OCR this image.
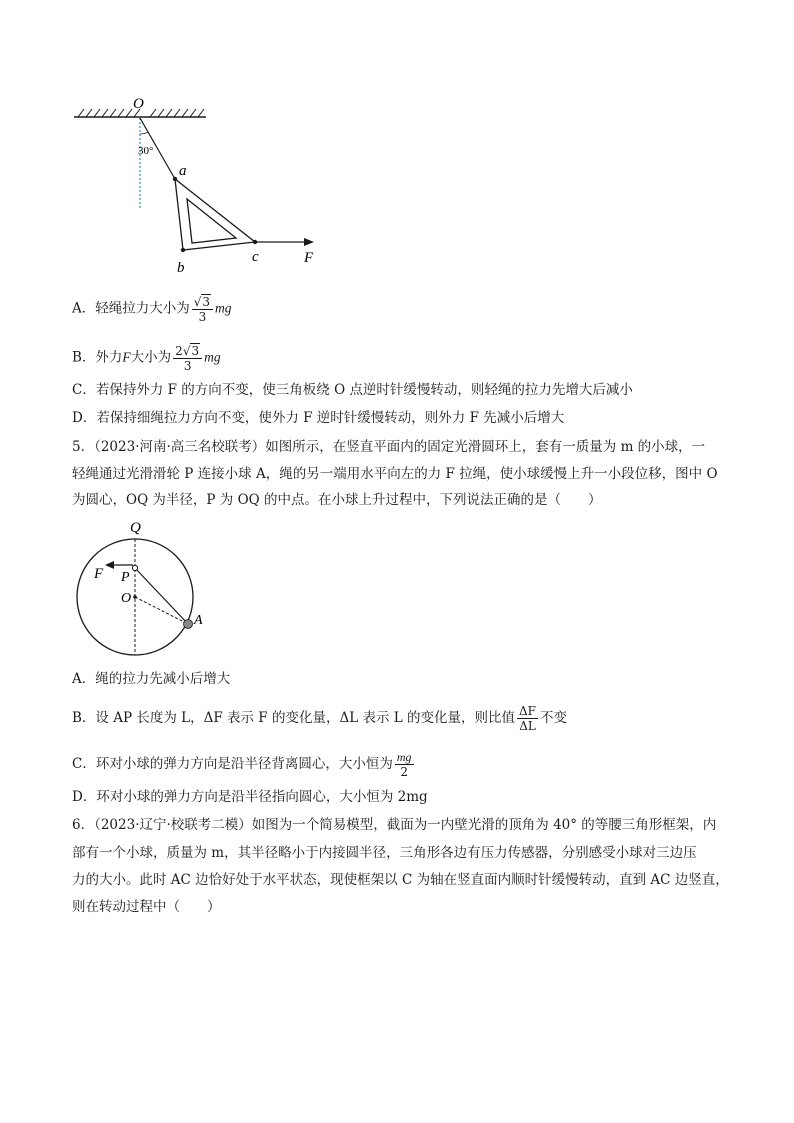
O
30°
a
b
c	F
A．轻绳拉力大小为 $\frac{√3}{3}$ mg
B．外力F大小为 $\frac{2√3}{3}$ mg
C．若保持外力 F 的方向不变，使三角板绕 O 点逆时针缓慢转动，则轻绳的拉力先增大后减小
D．若保持细绳拉力方向不变，使外力 F 逆时针缓慢转动，则外力 F 先减小后增大
5．（2023·河南·高三名校联考）如图所示，在竖直平面内的固定光滑圆环上，套有一质量为 m 的小球，一
轻绳通过光滑滑轮 P 连接小球 A，绳的另一端用水平向左的力 F 拉绳，使小球缓慢上升一小段位移，图中 O
为圆心，OQ 为半径，P 为 OQ 的中点。在小球上升过程中，下列说法正确的是（　　）
Q
F P
O
A
A．绳的拉力先减小后增大
B．设 AP 长度为 L，ΔF 表示 F 的变化量，ΔL 表示 L 的变化量，则比值 $\frac{\Delta F}{\Delta L}$ 不变
C．环对小球的弹力方向是沿半径背离圆心，大小恒为 $\frac{mg}{2}$
D．环对小球的弹力方向是沿半径指向圆心，大小恒为 2mg
6．（2023·辽宁·校联考二模）如图为一个简易模型，截面为一内壁光滑的顶角为 40° 的等腰三角形框架，内
部有一个小球，质量为 m，其半径略小于内接圆半径，三角形各边有压力传感器，分别感受小球对三边压
力的大小。此时 AC 边恰好处于水平状态，现使框架以 C 为轴在竖直面内顺时针缓慢转动，直到 AC 边竖直，
则在转动过程中（　　）
